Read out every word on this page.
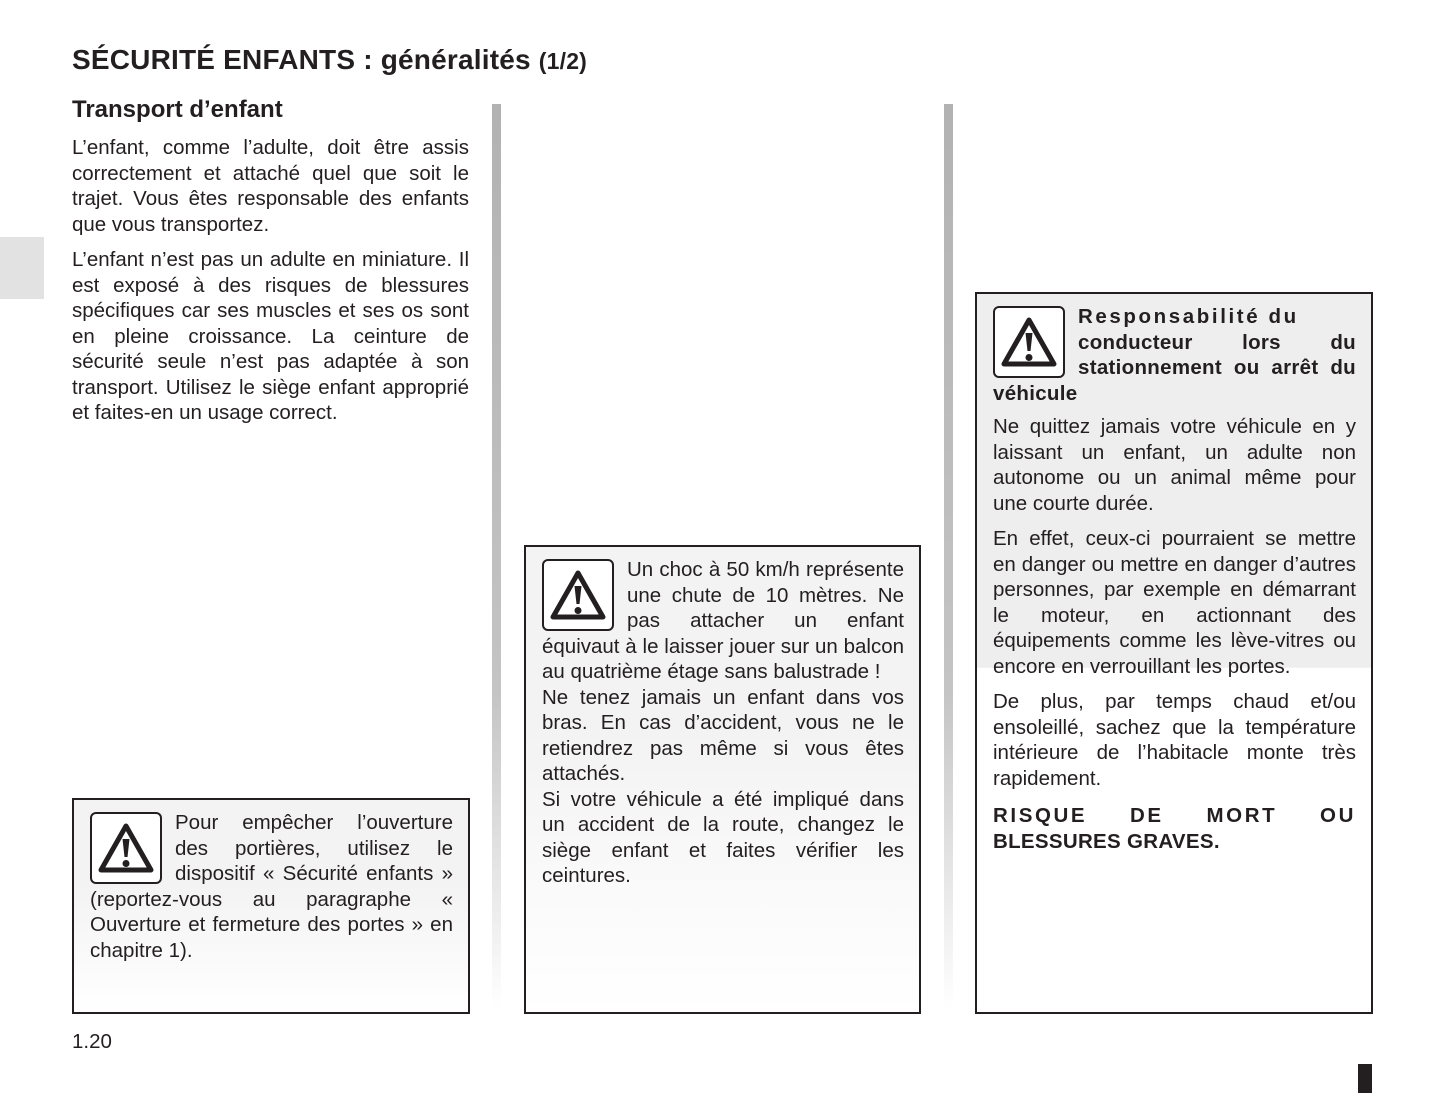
SÉCURITÉ ENFANTS : généralités (1/2)
Transport d’enfant

L’enfant, comme l’adulte, doit être assis correctement et attaché quel que soit le trajet. Vous êtes responsable des enfants que vous transportez.

L’enfant n’est pas un adulte en miniature. Il est exposé à des risques de blessures spécifiques car ses muscles et ses os sont en pleine croissance. La ceinture de sécurité seule n’est pas adaptée à son transport. Utilisez le siège enfant approprié et faites-en un usage correct.

Pour empêcher l’ouverture des portières, utilisez le dispositif « Sécurité enfants » (reportez-vous au paragraphe « Ouverture et fermeture des portes » en chapitre 1).

Un choc à 50 km/h représente une chute de 10 mètres. Ne pas attacher un enfant équivaut à le laisser jouer sur un balcon au quatrième étage sans balustrade !

Ne tenez jamais un enfant dans vos bras. En cas d’accident, vous ne le retiendrez pas même si vous êtes attachés.

Si votre véhicule a été impliqué dans un accident de la route, changez le siège enfant et faites vérifier les ceintures.

Responsabilité du

conducteur lors du stationnement ou arrêt du véhicule

Ne quittez jamais votre véhicule en y laissant un enfant, un adulte non autonome ou un animal même pour une courte durée.

En effet, ceux-ci pourraient se mettre en danger ou mettre en danger d’autres personnes, par exemple en démarrant le moteur, en actionnant des équipements comme les lève-vitres ou encore en verrouillant les portes.

De plus, par temps chaud et/ou ensoleillé, sachez que la température intérieure de l’habitacle monte très rapidement.

RISQUE DE MORT OU
BLESSURES GRAVES.

1.20
